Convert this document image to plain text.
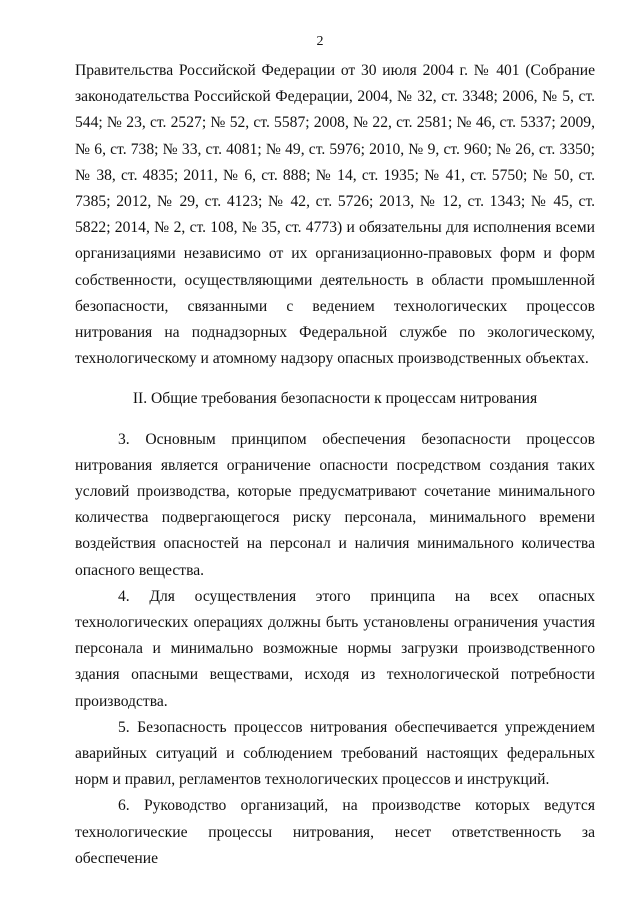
2

Правительства Российской Федерации от 30 июля 2004 г. № 401 (Собрание законодательства Российской Федерации, 2004, № 32, ст. 3348; 2006, № 5, ст. 544; № 23, ст. 2527; № 52, ст. 5587; 2008, № 22, ст. 2581; № 46, ст. 5337; 2009, № 6, ст. 738; № 33, ст. 4081; № 49, ст. 5976; 2010, № 9, ст. 960; № 26, ст. 3350; № 38, ст. 4835; 2011, № 6, ст. 888; № 14, ст. 1935; № 41, ст. 5750; № 50, ст. 7385; 2012, № 29, ст. 4123; № 42, ст. 5726; 2013, № 12, ст. 1343; № 45, ст. 5822; 2014, № 2, ст. 108, № 35, ст. 4773) и обязательны для исполнения всеми организациями независимо от их организационно-правовых форм и форм собственности, осуществляющими деятельность в области промышленной безопасности, связанными с ведением технологических процессов нитрования на поднадзорных Федеральной службе по экологическому, технологическому и атомному надзору опасных производственных объектах.

II. Общие требования безопасности к процессам нитрования

3. Основным принципом обеспечения безопасности процессов нитрования является ограничение опасности посредством создания таких условий производства, которые предусматривают сочетание минимального количества подвергающегося риску персонала, минимального времени воздействия опасностей на персонал и наличия минимального количества опасного вещества.

4. Для осуществления этого принципа на всех опасных технологических операциях должны быть установлены ограничения участия персонала и минимально возможные нормы загрузки производственного здания опасными веществами, исходя из технологической потребности производства.

5. Безопасность процессов нитрования обеспечивается упреждением аварийных ситуаций и соблюдением требований настоящих федеральных норм и правил, регламентов технологических процессов и инструкций.

6. Руководство организаций, на производстве которых ведутся технологические процессы нитрования, несет ответственность за обеспечение
